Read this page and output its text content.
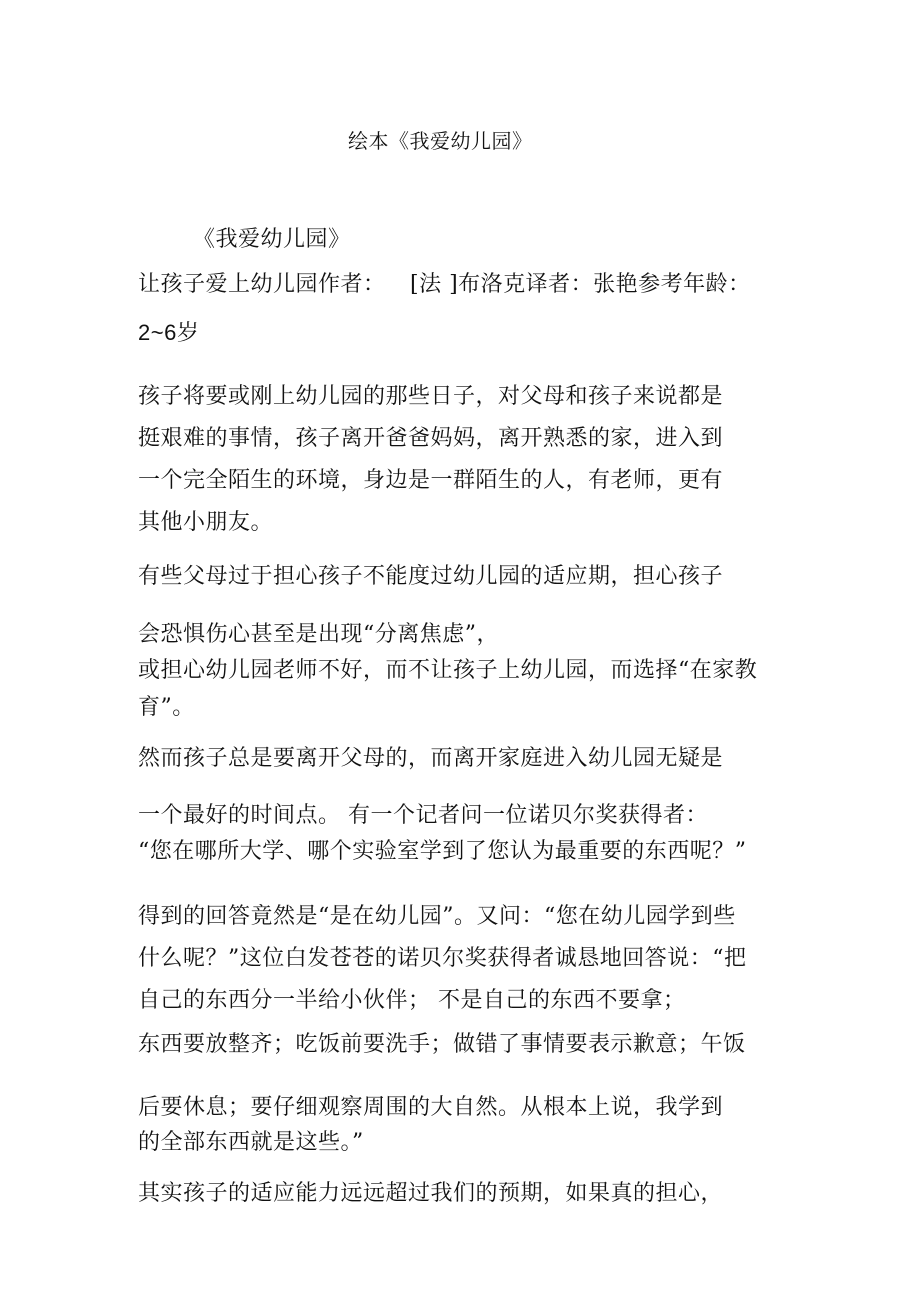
绘本《我爱幼儿园》
《我爱幼儿园》
让孩子爱上幼儿园作者： [法 ]布洛克译者：张艳参考年龄：
2~6岁
孩子将要或刚上幼儿园的那些日子，对父母和孩子来说都是
挺艰难的事情，孩子离开爸爸妈妈，离开熟悉的家，进入到
一个完全陌生的环境，身边是一群陌生的人，有老师，更有
其他小朋友。
有些父母过于担心孩子不能度过幼儿园的适应期，担心孩子
会恐惧伤心甚至是出现“分离焦虑”，
或担心幼儿园老师不好，而不让孩子上幼儿园，而选择“在家教
育”。
然而孩子总是要离开父母的，而离开家庭进入幼儿园无疑是
一个最好的时间点。 有一个记者问一位诺贝尔奖获得者：
“您在哪所大学、哪个实验室学到了您认为最重要的东西呢？”
得到的回答竟然是“是在幼儿园”。又问：“您在幼儿园学到些
什么呢？”这位白发苍苍的诺贝尔奖获得者诚恳地回答说：“把
自己的东西分一半给小伙伴； 不是自己的东西不要拿；
东西要放整齐；吃饭前要洗手；做错了事情要表示歉意；午饭
后要休息；要仔细观察周围的大自然。从根本上说，我学到
的全部东西就是这些。”
其实孩子的适应能力远远超过我们的预期，如果真的担心，
